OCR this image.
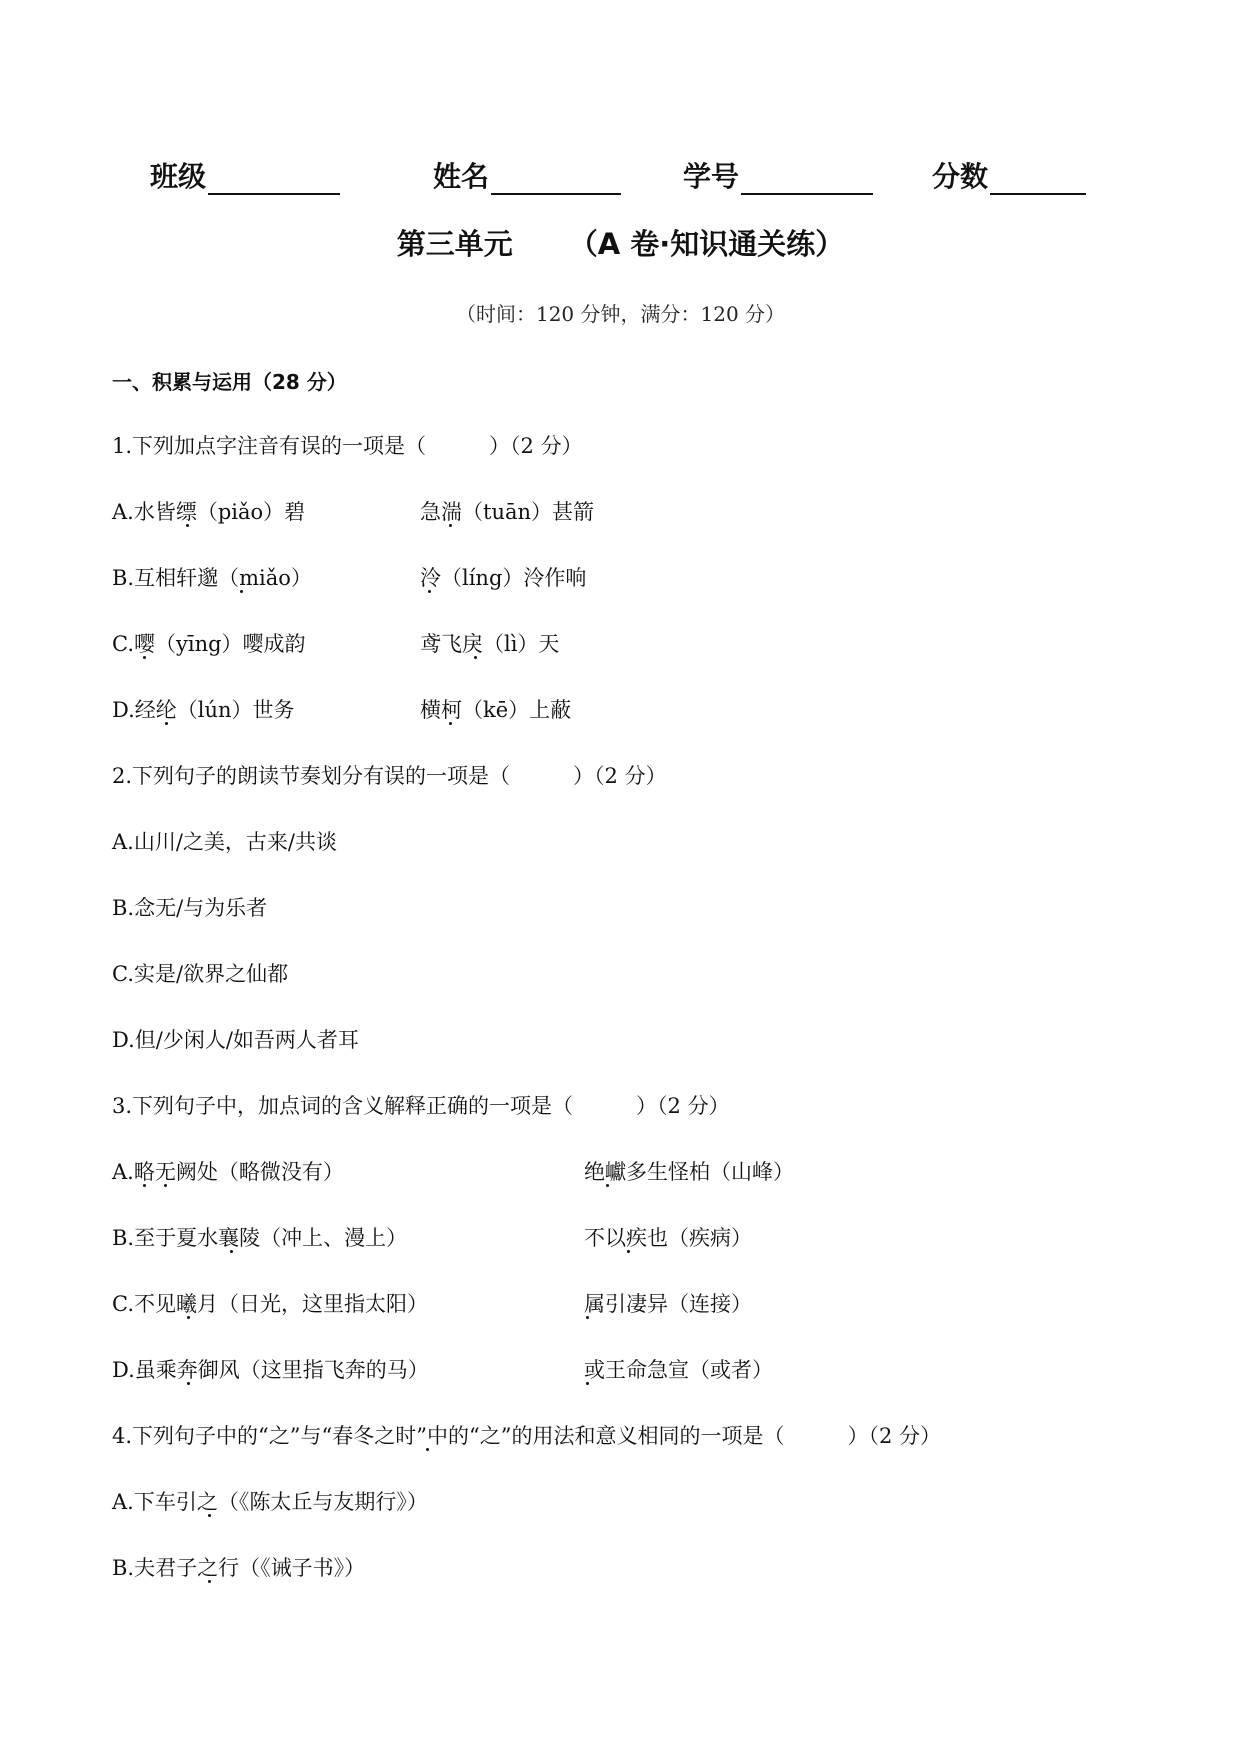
班级	姓名	学号	分数
第三单元 （A 卷·知识通关练）
（时间：120 分钟，满分：120 分）
一、积累与运用（28 分）
1.下列加点字注音有误的一项是（　　　）（2 分）
A.水皆缥（piǎo）碧	急湍（tuān）甚箭
B.互相轩邈（miǎo）	泠（líng）泠作响
C.嘤（yīng）嘤成韵	鸢飞戾（lì）天
D.经纶（lún）世务	横柯（kē）上蔽
2.下列句子的朗读节奏划分有误的一项是（　　　）（2 分）
A.山川/之美，古来/共谈
B.念无/与为乐者
C.实是/欲界之仙都
D.但/少闲人/如吾两人者耳
3.下列句子中，加点词的含义解释正确的一项是（　　　）（2 分）
A.略无阙处（略微没有）	绝巘多生怪柏（山峰）
B.至于夏水襄陵（冲上、漫上）	不以疾也（疾病）
C.不见曦月（日光，这里指太阳）	属引凄异（连接）
D.虽乘奔御风（这里指飞奔的马）	或王命急宣（或者）
4.下列句子中的“之”与“春冬之时”中的“之”的用法和意义相同的一项是（　　　）（2 分）
A.下车引之（《陈太丘与友期行》）
B.夫君子之行（《诫子书》）
